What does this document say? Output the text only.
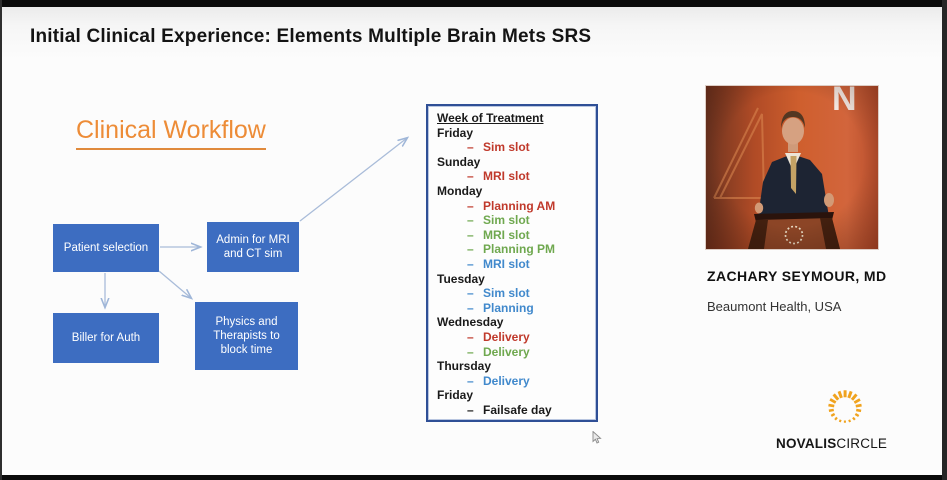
Initial Clinical Experience: Elements Multiple Brain Mets SRS
Clinical Workflow
Patient selection
Admin for MRI and CT sim
Biller for Auth
Physics and Therapists to block time
Week of Treatment
Friday
– Sim slot
Sunday
– MRI slot
Monday
– Planning AM
– Sim slot
– MRI slot
– Planning PM
– MRI slot
Tuesday
– Sim slot
– Planning
Wednesday
– Delivery
– Delivery
Thursday
– Delivery
Friday
– Failsafe day
ZACHARY SEYMOUR, MD
Beaumont Health, USA
NOVALISCIRCLE
